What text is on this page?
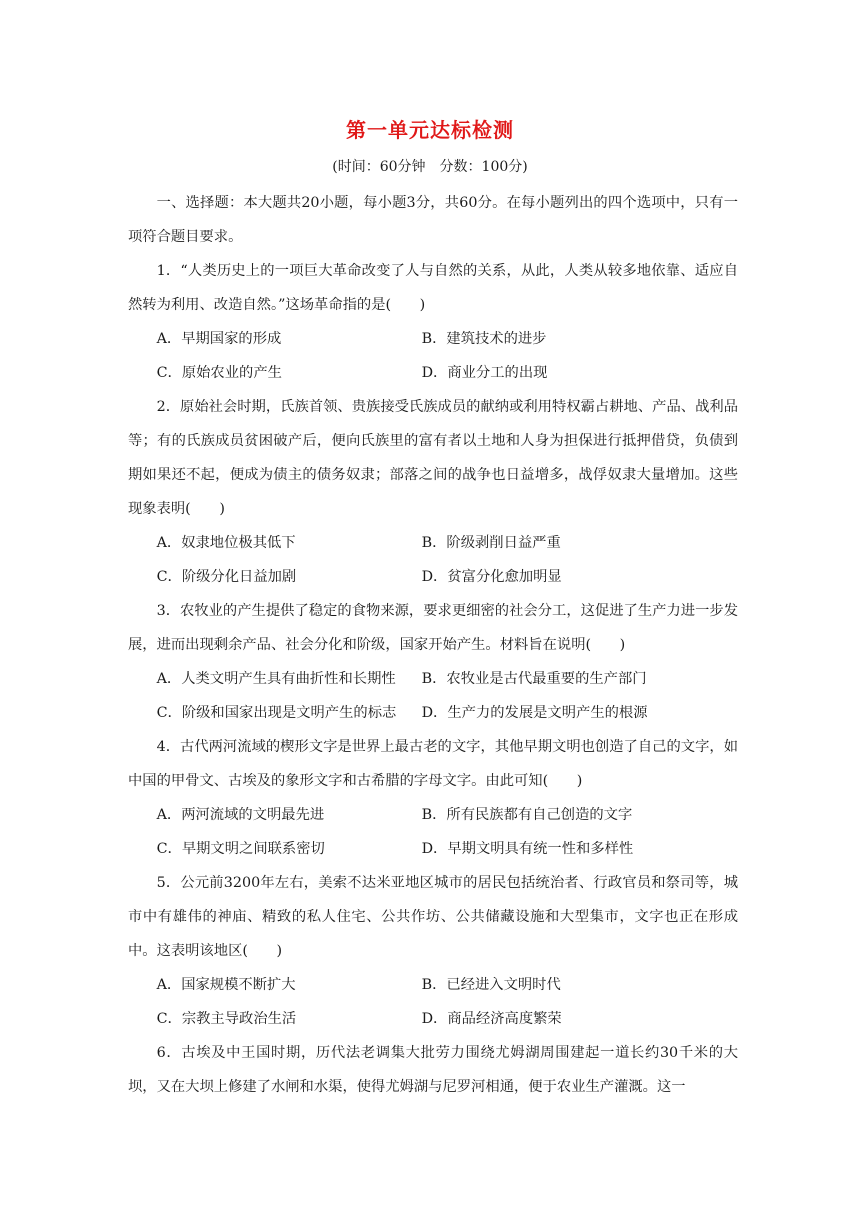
第一单元达标检测
(时间：60分钟　分数：100分)

一、选择题：本大题共20小题，每小题3分，共60分。在每小题列出的四个选项中，只有一项符合题目要求。

1．“人类历史上的一项巨大革命改变了人与自然的关系，从此，人类从较多地依靠、适应自然转为利用、改造自然。”这场革命指的是(　　)

A．早期国家的形成	B．建筑技术的进步
C．原始农业的产生	D．商业分工的出现

2．原始社会时期，氏族首领、贵族接受氏族成员的献纳或利用特权霸占耕地、产品、战利品等；有的氏族成员贫困破产后，便向氏族里的富有者以土地和人身为担保进行抵押借贷，负债到期如果还不起，便成为债主的债务奴隶；部落之间的战争也日益增多，战俘奴隶大量增加。这些现象表明(　　)

A．奴隶地位极其低下	B．阶级剥削日益严重
C．阶级分化日益加剧	D．贫富分化愈加明显

3．农牧业的产生提供了稳定的食物来源，要求更细密的社会分工，这促进了生产力进一步发展，进而出现剩余产品、社会分化和阶级，国家开始产生。材料旨在说明(　　)

A．人类文明产生具有曲折性和长期性	B．农牧业是古代最重要的生产部门
C．阶级和国家出现是文明产生的标志	D．生产力的发展是文明产生的根源

4．古代两河流域的楔形文字是世界上最古老的文字，其他早期文明也创造了自己的文字，如中国的甲骨文、古埃及的象形文字和古希腊的字母文字。由此可知(　　)

A．两河流域的文明最先进	B．所有民族都有自己创造的文字
C．早期文明之间联系密切	D．早期文明具有统一性和多样性

5．公元前3200年左右，美索不达米亚地区城市的居民包括统治者、行政官员和祭司等，城市中有雄伟的神庙、精致的私人住宅、公共作坊、公共储藏设施和大型集市，文字也正在形成中。这表明该地区(　　)

A．国家规模不断扩大	B．已经进入文明时代
C．宗教主导政治生活	D．商品经济高度繁荣

6．古埃及中王国时期，历代法老调集大批劳力围绕尤姆湖周围建起一道长约30千米的大坝，又在大坝上修建了水闸和水渠，使得尤姆湖与尼罗河相通，便于农业生产灌溉。这一
